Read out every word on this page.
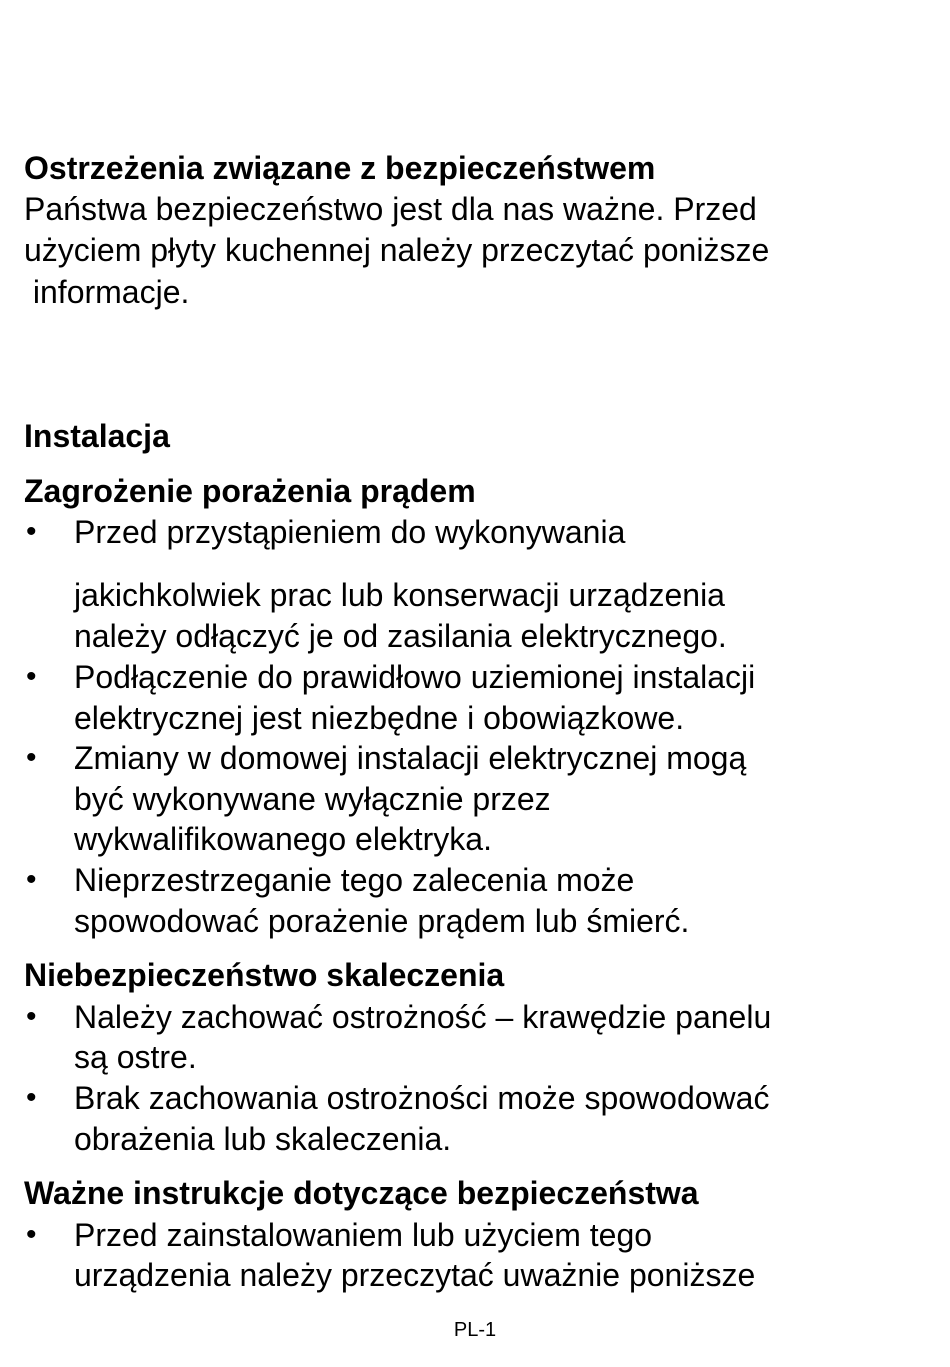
Ostrzeżenia związane z bezpieczeństwem

Państwa bezpieczeństwo jest dla nas ważne. Przed

użyciem płyty kuchennej należy przeczytać poniższe

informacje.

Instalacja
Zagrożenie porażenia prądem
• Przed przystąpieniem do wykonywania

jakichkolwiek prac lub konserwacji urządzenia

należy odłączyć je od zasilania elektrycznego.

• Podłączenie do prawidłowo uziemionej instalacji

elektrycznej jest niezbędne i obowiązkowe.

• Zmiany w domowej instalacji elektrycznej mogą

być wykonywane wyłącznie przez

wykwalifikowanego elektryka.

• Nieprzestrzeganie tego zalecenia może

spowodować porażenie prądem lub śmierć.

Niebezpieczeństwo skaleczenia
• Należy zachować ostrożność – krawędzie panelu

są ostre.

• Brak zachowania ostrożności może spowodować

obrażenia lub skaleczenia.

Ważne instrukcje dotyczące bezpieczeństwa
• Przed zainstalowaniem lub użyciem tego

urządzenia należy przeczytać uważnie poniższe

PL-1
